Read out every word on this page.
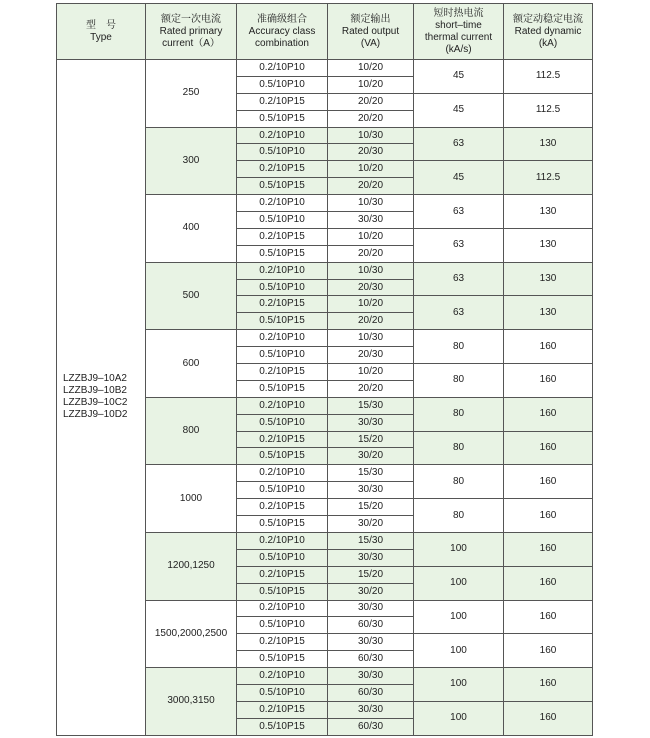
型　号
Type	额定一次电流
Rated primary
current（A）	准确级组合
Accuracy class
combination	额定输出
Rated output
(VA)	短时热电流
short–time
thermal current
(kA/s)	额定动稳定电流
Rated dynamic
(kA)

LZZBJ9–10A2
LZZBJ9–10B2
LZZBJ9–10C2
LZZBJ9–10D2	250	0.2/10P10	10/20	45	112.5
		0.5/10P10	10/20		
		0.2/10P15	20/20	45	112.5
		0.5/10P15	20/20		
	300	0.2/10P10	10/30	63	130
		0.5/10P10	20/30		
		0.2/10P15	10/20	45	112.5
		0.5/10P15	20/20		
	400	0.2/10P10	10/30	63	130
		0.5/10P10	30/30		
		0.2/10P15	10/20	63	130
		0.5/10P15	20/20		
	500	0.2/10P10	10/30	63	130
		0.5/10P10	20/30		
		0.2/10P15	10/20	63	130
		0.5/10P15	20/20		
	600	0.2/10P10	10/30	80	160
		0.5/10P10	20/30		
		0.2/10P15	10/20	80	160
		0.5/10P15	20/20		
	800	0.2/10P10	15/30	80	160
		0.5/10P10	30/30		
		0.2/10P15	15/20	80	160
		0.5/10P15	30/20		
	1000	0.2/10P10	15/30	80	160
		0.5/10P10	30/30		
		0.2/10P15	15/20	80	160
		0.5/10P15	30/20		
	1200,1250	0.2/10P10	15/30	100	160
		0.5/10P10	30/30		
		0.2/10P15	15/20	100	160
		0.5/10P15	30/20		
	1500,2000,2500	0.2/10P10	30/30	100	160
		0.5/10P10	60/30		
		0.2/10P15	30/30	100	160
		0.5/10P15	60/30		
	3000,3150	0.2/10P10	30/30	100	160
		0.5/10P10	60/30		
		0.2/10P15	30/30	100	160
		0.5/10P15	60/30		
